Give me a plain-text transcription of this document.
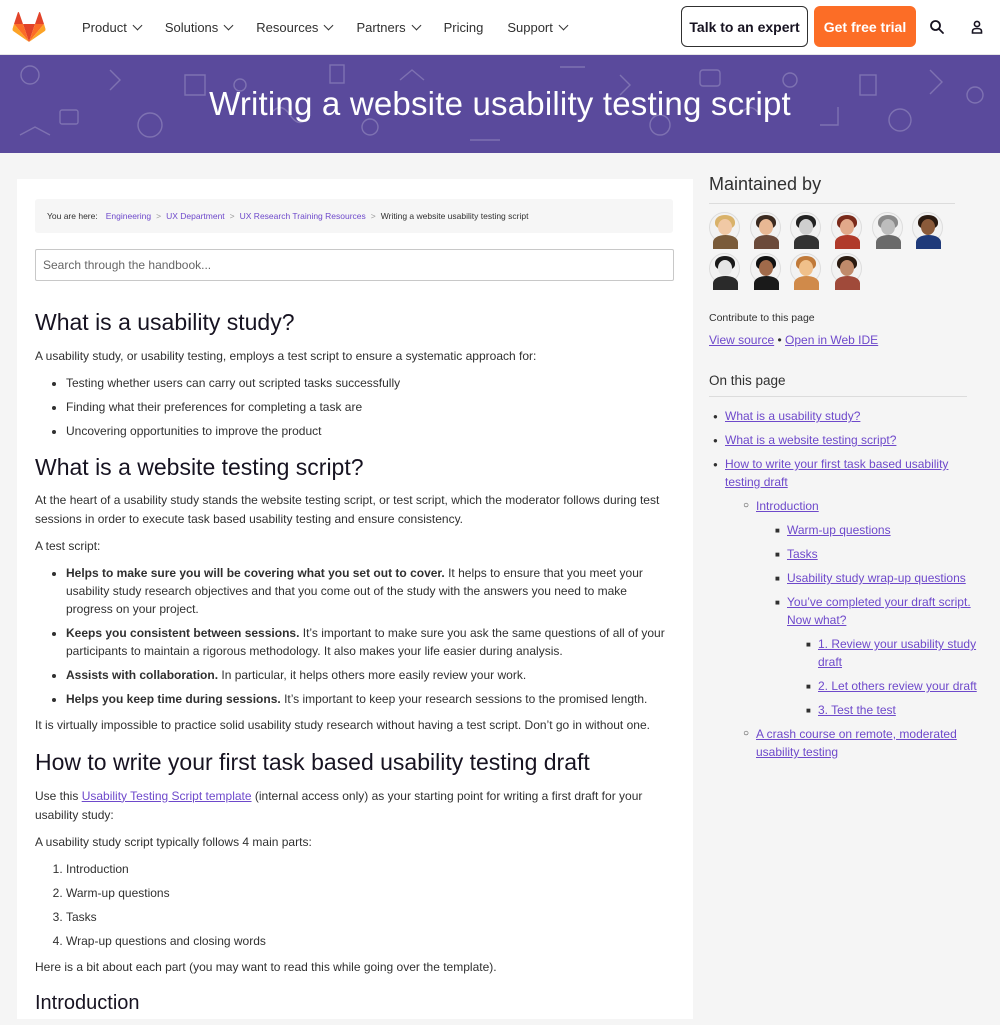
Product	Solutions	Resources	Partners	Pricing Support	Talk to an expert	Get free trial
Writing a website usability testing script
You are here: Engineering > UX Department > UX Research Training Resources > Writing a website usability testing script
Search through the handbook...
What is a usability study?

A usability study, or usability testing, employs a test script to ensure a systematic approach for:

• Testing whether users can carry out scripted tasks successfully
• Finding what their preferences for completing a task are
• Uncovering opportunities to improve the product
What is a website testing script?

At the heart of a usability study stands the website testing script, or test script, which the moderator follows during test sessions in order to execute task based usability testing and ensure consistency.

A test script:

• Helps to make sure you will be covering what you set out to cover. It helps to ensure that you meet your usability study research objectives and that you come out of the study with the answers you need to make progress on your project.
• Keeps you consistent between sessions. It’s important to make sure you ask the same questions of all of your participants to maintain a rigorous methodology. It also makes your life easier during analysis.
• Assists with collaboration. In particular, it helps others more easily review your work.
• Helps you keep time during sessions. It’s important to keep your research sessions to the promised length.

It is virtually impossible to practice solid usability study research without having a test script. Don’t go in without one.

How to write your first task based usability testing draft

Use this Usability Testing Script template (internal access only) as your starting point for writing a first draft for your usability study:

A usability study script typically follows 4 main parts:

1. Introduction
2. Warm-up questions
3. Tasks
4. Wrap-up questions and closing words

Here is a bit about each part (you may want to read this while going over the template).

Introduction
Maintained by
Contribute to this page
View source • Open in Web IDE
On this page
● What is a usability study?
● What is a website testing script?
● How to write your first task based usability testing draft
○ Introduction
■ Warm-up questions
■ Tasks
■ Usability study wrap-up questions
■ You’ve completed your draft script. Now what?
■ 1. Review your usability study draft
■ 2. Let others review your draft
■ 3. Test the test
○ A crash course on remote, moderated usability testing
